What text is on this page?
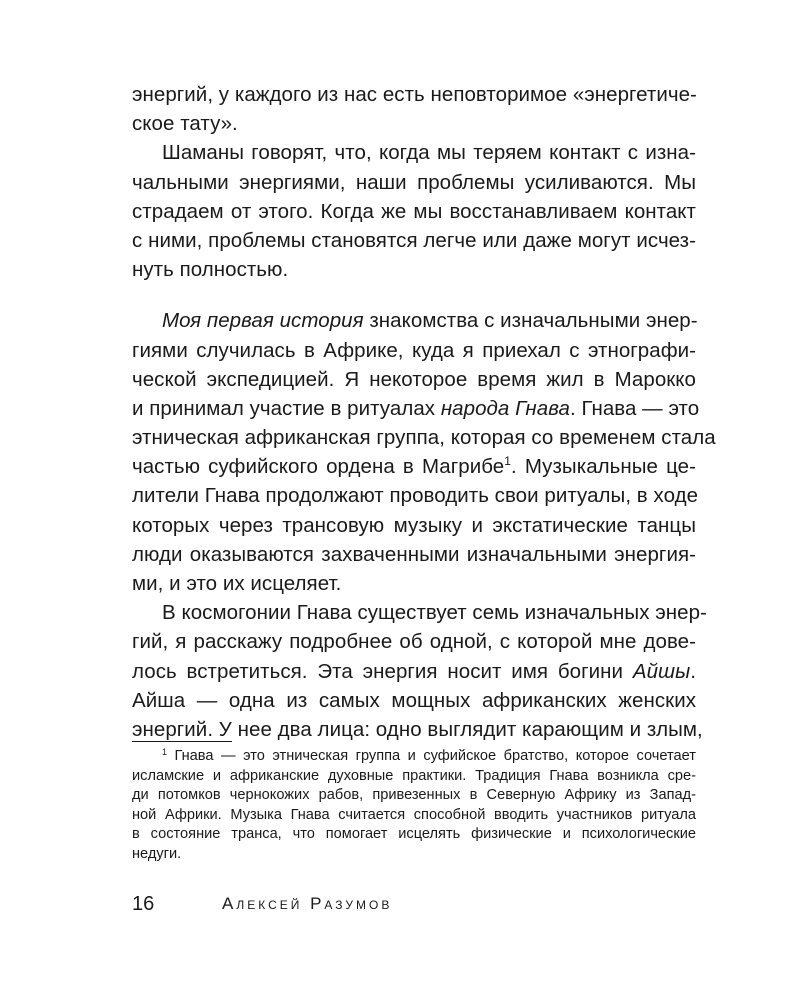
энергий, у каждого из нас есть неповторимое «энергетиче-
ское тату».
Шаманы говорят, что, когда мы теряем контакт с изна-
чальными энергиями, наши проблемы усиливаются. Мы
страдаем от этого. Когда же мы восстанавливаем контакт
с ними, проблемы становятся легче или даже могут исчез-
нуть полностью.
Моя первая история знакомства с изначальными энер-
гиями случилась в Африке, куда я приехал с этнографи-
ческой экспедицией. Я некоторое время жил в Марокко
и принимал участие в ритуалах народа Гнава. Гнава — это
этническая африканская группа, которая со временем стала
частью суфийского ордена в Магрибе$^1$. Музыкальные це-
лители Гнава продолжают проводить свои ритуалы, в ходе
которых через трансовую музыку и экстатические танцы
люди оказываются захваченными изначальными энергия-
ми, и это их исцеляет.
В космогонии Гнава существует семь изначальных энер-
гий, я расскажу подробнее об одной, с которой мне дове-
лось встретиться. Эта энергия носит имя богини Айшы.
Айша — одна из самых мощных африканских женских
энергий. У нее два лица: одно выглядит карающим и злым,
$^1$ Гнава — это этническая группа и суфийское братство, которое сочетает
исламские и африканские духовные практики. Традиция Гнава возникла сре-
ди потомков чернокожих рабов, привезенных в Северную Африку из Запад-
ной Африки. Музыка Гнава считается способной вводить участников ритуала
в состояние транса, что помогает исцелять физические и психологические
недуги.
16	Алексей Разумов
